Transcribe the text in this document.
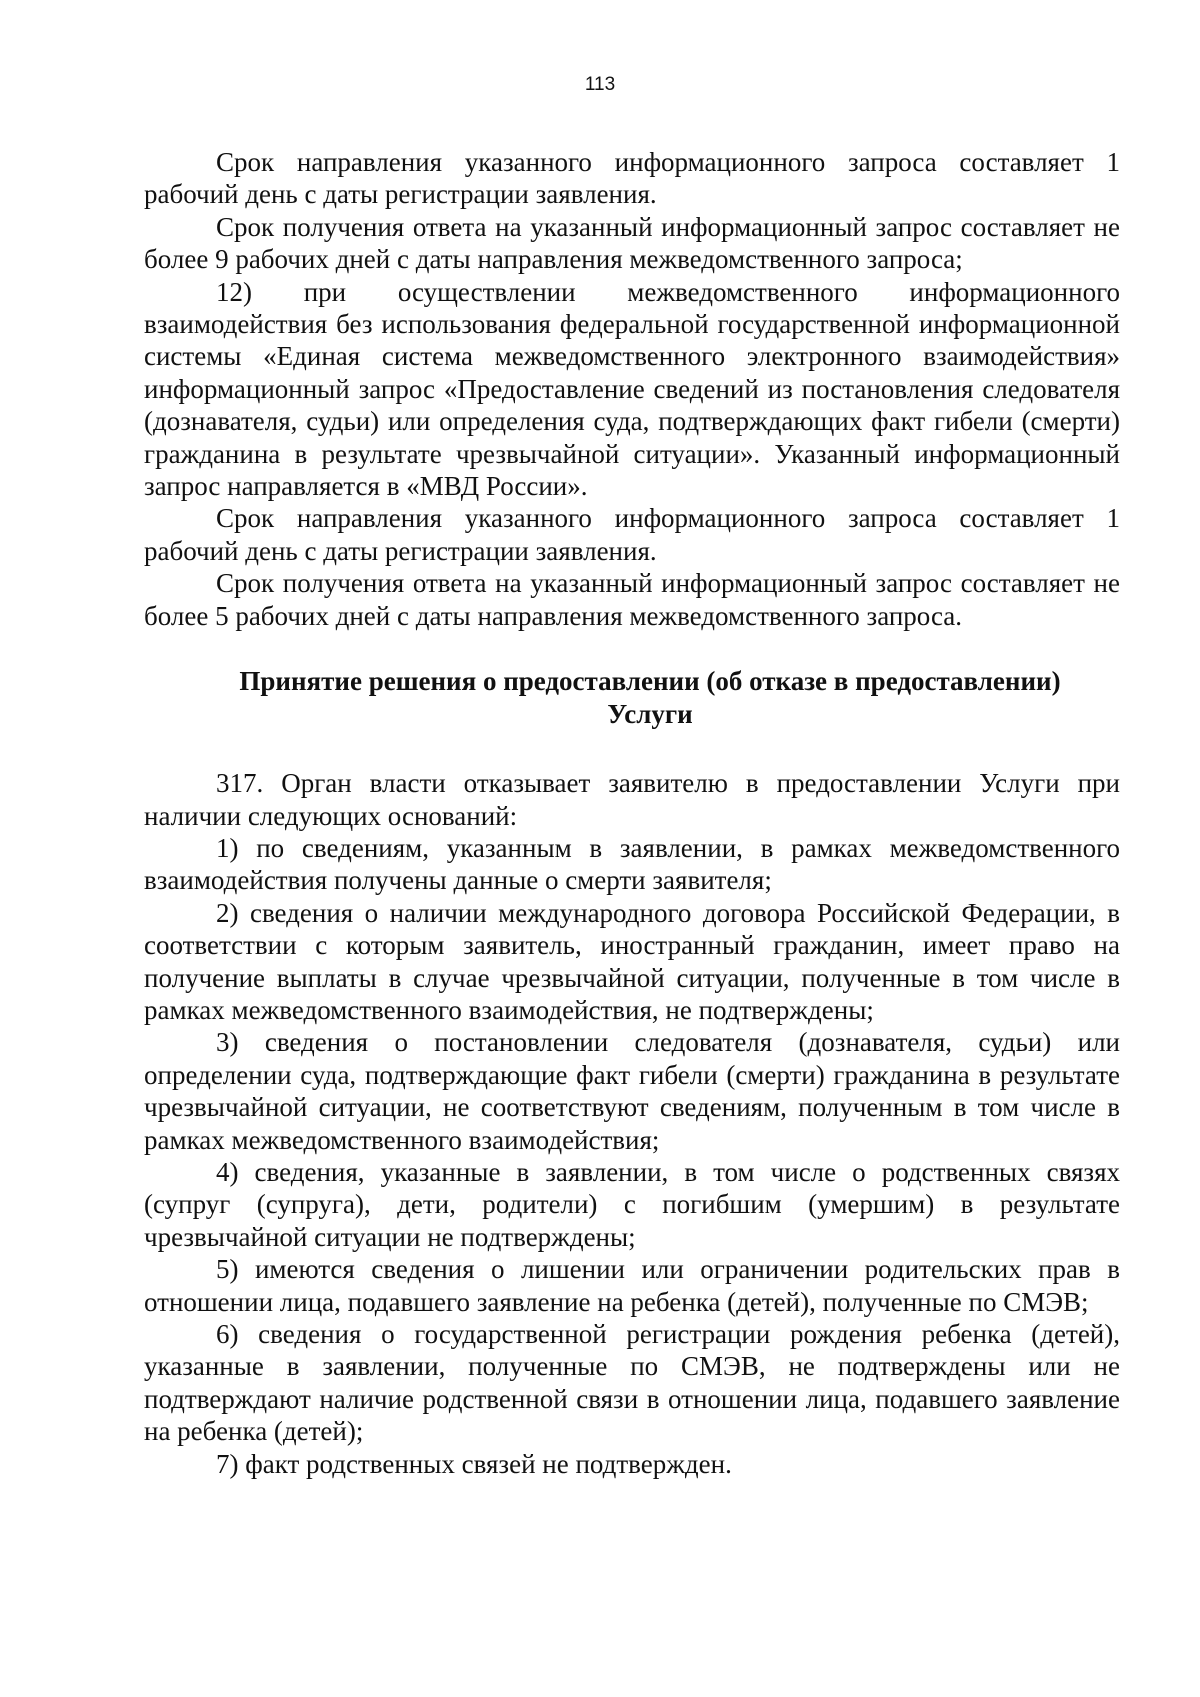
113

Срок направления указанного информационного запроса составляет 1 рабочий день с даты регистрации заявления.

Срок получения ответа на указанный информационный запрос составляет не более 9 рабочих дней с даты направления межведомственного запроса;

12) при осуществлении межведомственного информационного взаимодействия без использования федеральной государственной информационной системы «Единая система межведомственного электронного взаимодействия» информационный запрос «Предоставление сведений из постановления следователя (дознавателя, судьи) или определения суда, подтверждающих факт гибели (смерти) гражданина в результате чрезвычайной ситуации». Указанный информационный запрос направляется в «МВД России».

Срок направления указанного информационного запроса составляет 1 рабочий день с даты регистрации заявления.

Срок получения ответа на указанный информационный запрос составляет не более 5 рабочих дней с даты направления межведомственного запроса.

Принятие решения о предоставлении (об отказе в предоставлении)
Услуги

317. Орган власти отказывает заявителю в предоставлении Услуги при наличии следующих оснований:

1) по сведениям, указанным в заявлении, в рамках межведомственного взаимодействия получены данные о смерти заявителя;

2) сведения о наличии международного договора Российской Федерации, в соответствии с которым заявитель, иностранный гражданин, имеет право на получение выплаты в случае чрезвычайной ситуации, полученные в том числе в рамках межведомственного взаимодействия, не подтверждены;

3) сведения о постановлении следователя (дознавателя, судьи) или определении суда, подтверждающие факт гибели (смерти) гражданина в результате чрезвычайной ситуации, не соответствуют сведениям, полученным в том числе в рамках межведомственного взаимодействия;

4) сведения, указанные в заявлении, в том числе о родственных связях (супруг (супруга), дети, родители) с погибшим (умершим) в результате чрезвычайной ситуации не подтверждены;

5) имеются сведения о лишении или ограничении родительских прав в отношении лица, подавшего заявление на ребенка (детей), полученные по СМЭВ;

6) сведения о государственной регистрации рождения ребенка (детей), указанные в заявлении, полученные по СМЭВ, не подтверждены или не подтверждают наличие родственной связи в отношении лица, подавшего заявление на ребенка (детей);

7) факт родственных связей не подтвержден.
